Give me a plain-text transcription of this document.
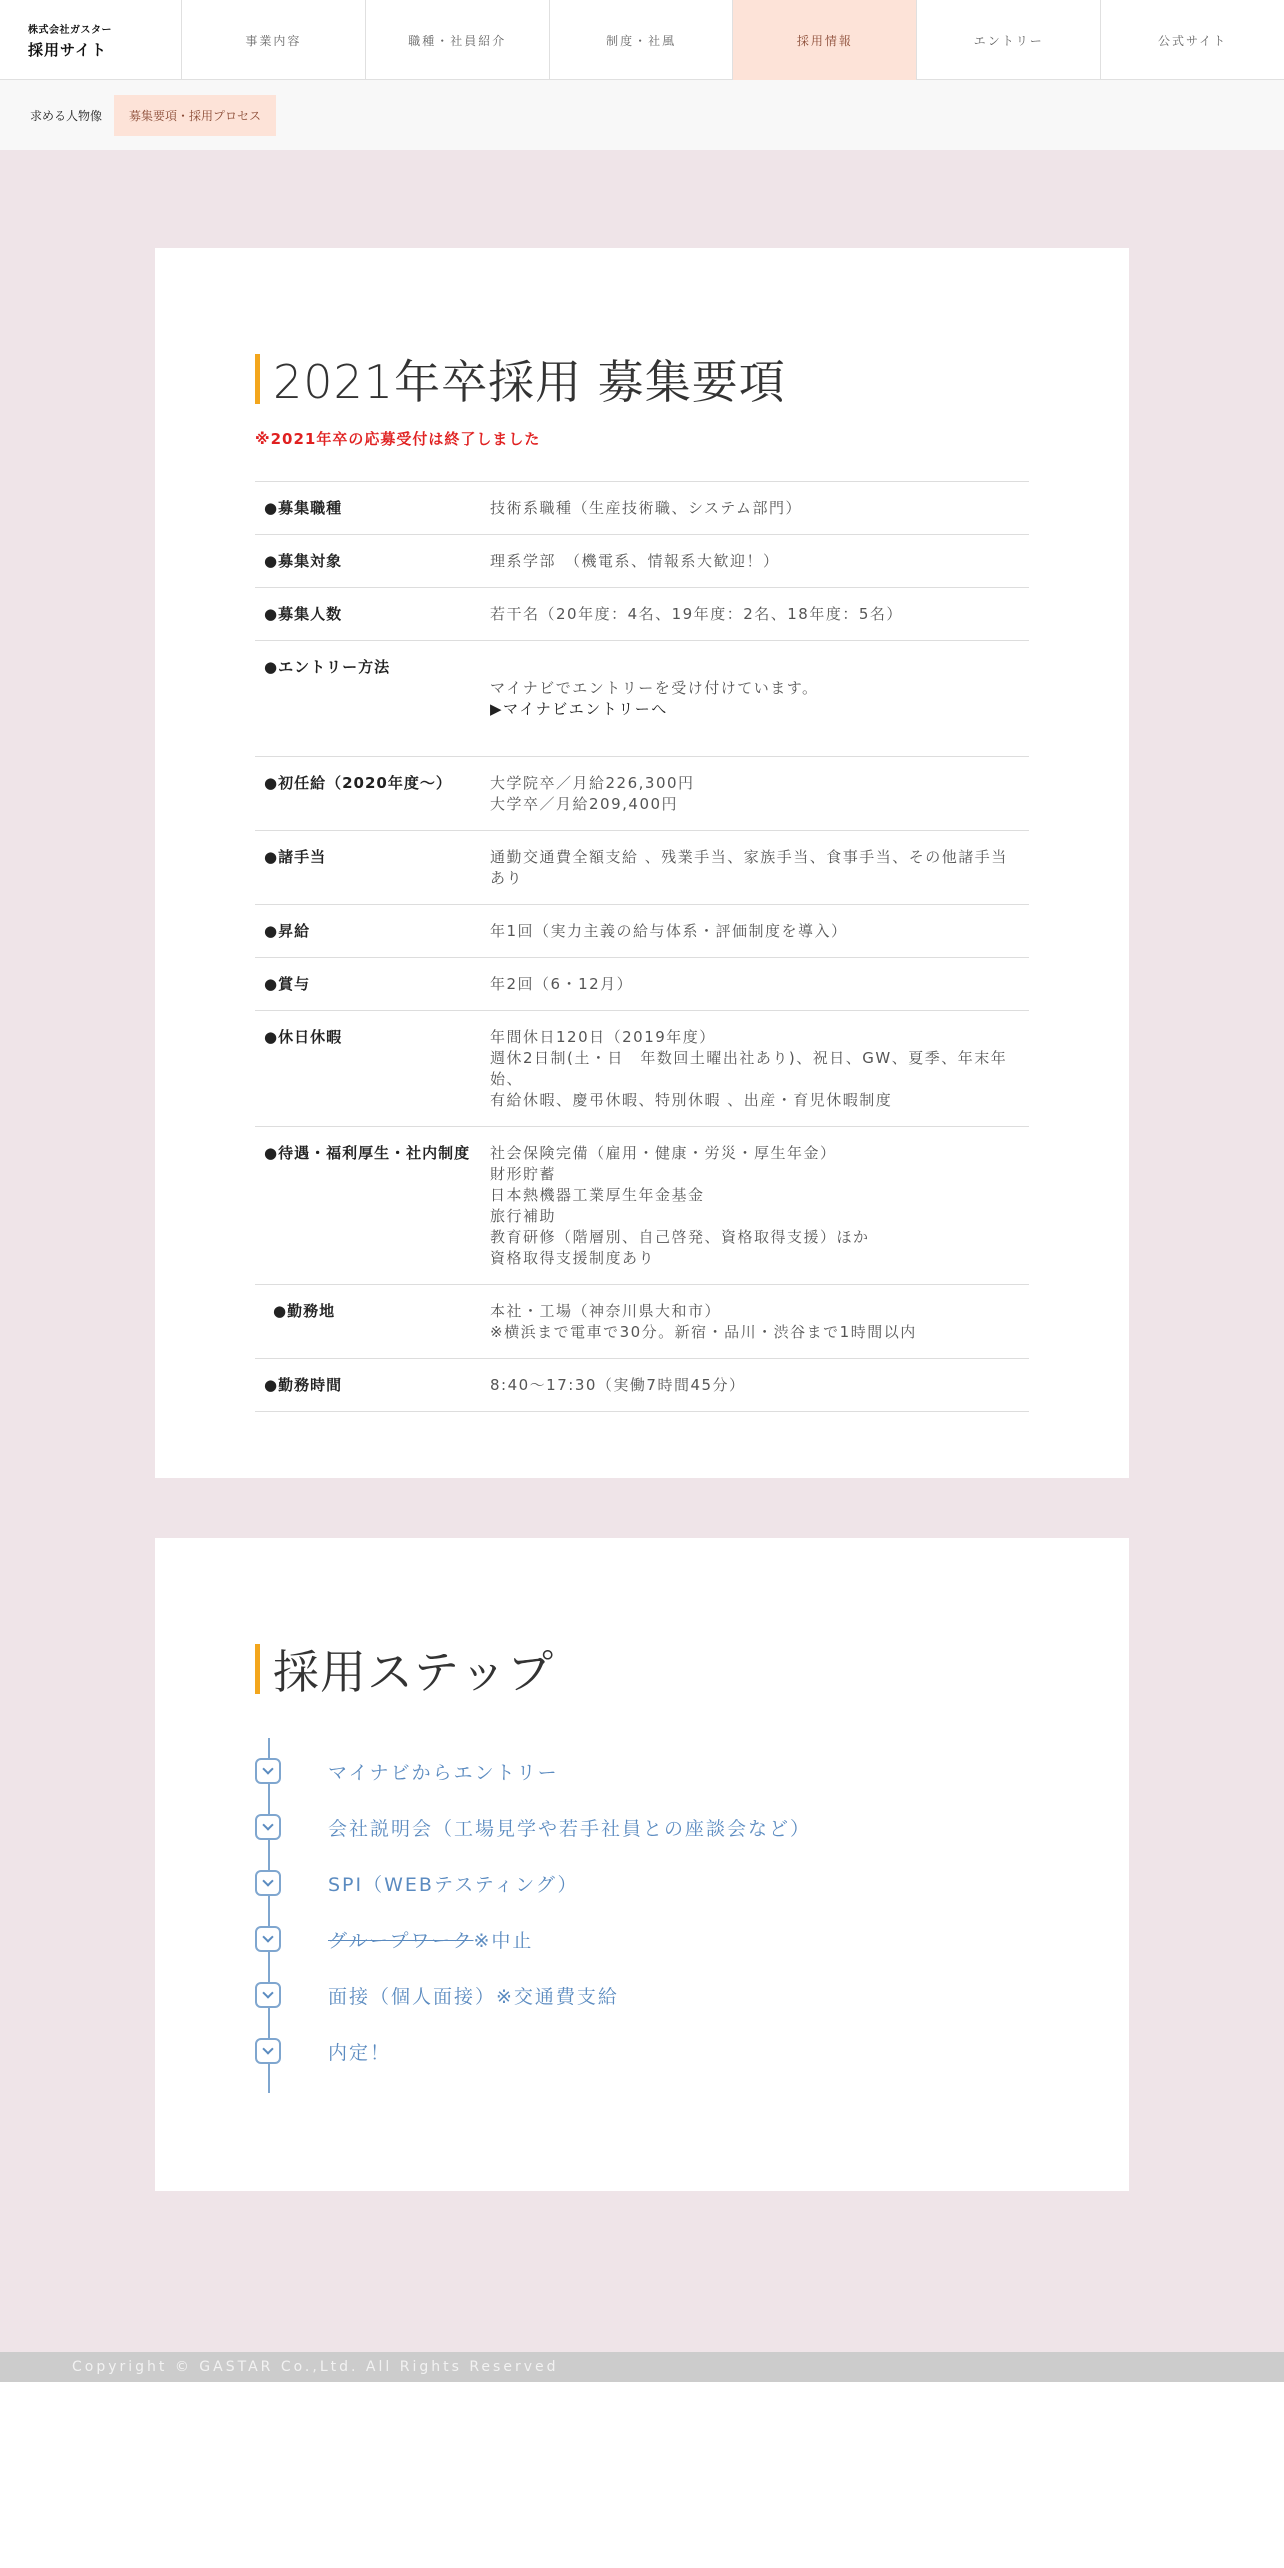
株式会社ガスター
採用サイト	事業内容	職種・社員紹介	制度・社風	採用情報	エントリー	公式サイト
求める人物像	募集要項・採用プロセス
2021年卒採用 募集要項

※2021年卒の応募受付は終了しました

●募集職種	技術系職種（生産技術職、システム部門）
●募集対象	理系学部　（機電系、情報系大歓迎！）
●募集人数	若干名（20年度：4名、19年度：2名、18年度：5名）
●エントリー方法

マイナビでエントリーを受け付けています。

▶マイナビエントリーへ

●初任給（2020年度〜）	大学院卒／月給226,300円
大学卒／月給209,400円
●諸手当	通勤交通費全額支給 、残業手当、家族手当、食事手当、その他諸手当あり
●昇給	年1回（実力主義の給与体系・評価制度を導入）
●賞与	年2回（6・12月）
●休日休暇	年間休日120日（2019年度）
週休2日制(土・日　年数回土曜出社あり)、祝日、GW、夏季、年末年始、
有給休暇、慶弔休暇、特別休暇 、出産・育児休暇制度
●待遇・福利厚生・社内制度	社会保険完備（雇用・健康・労災・厚生年金）
財形貯蓄
日本熱機器工業厚生年金基金
旅行補助
教育研修（階層別、自己啓発、資格取得支援）ほか
資格取得支援制度あり
●勤務地	本社・工場（神奈川県大和市）
※横浜まで電車で30分。新宿・品川・渋谷まで1時間以内
●勤務時間	8:40〜17:30（実働7時間45分）
採用ステップ
マイナビからエントリー
会社説明会（工場見学や若手社員との座談会など）
SPI（WEBテスティング）
グループワーク※中止
面接（個人面接）※交通費支給
内定！
Copyright © GASTAR Co.,Ltd. All Rights Reserved
